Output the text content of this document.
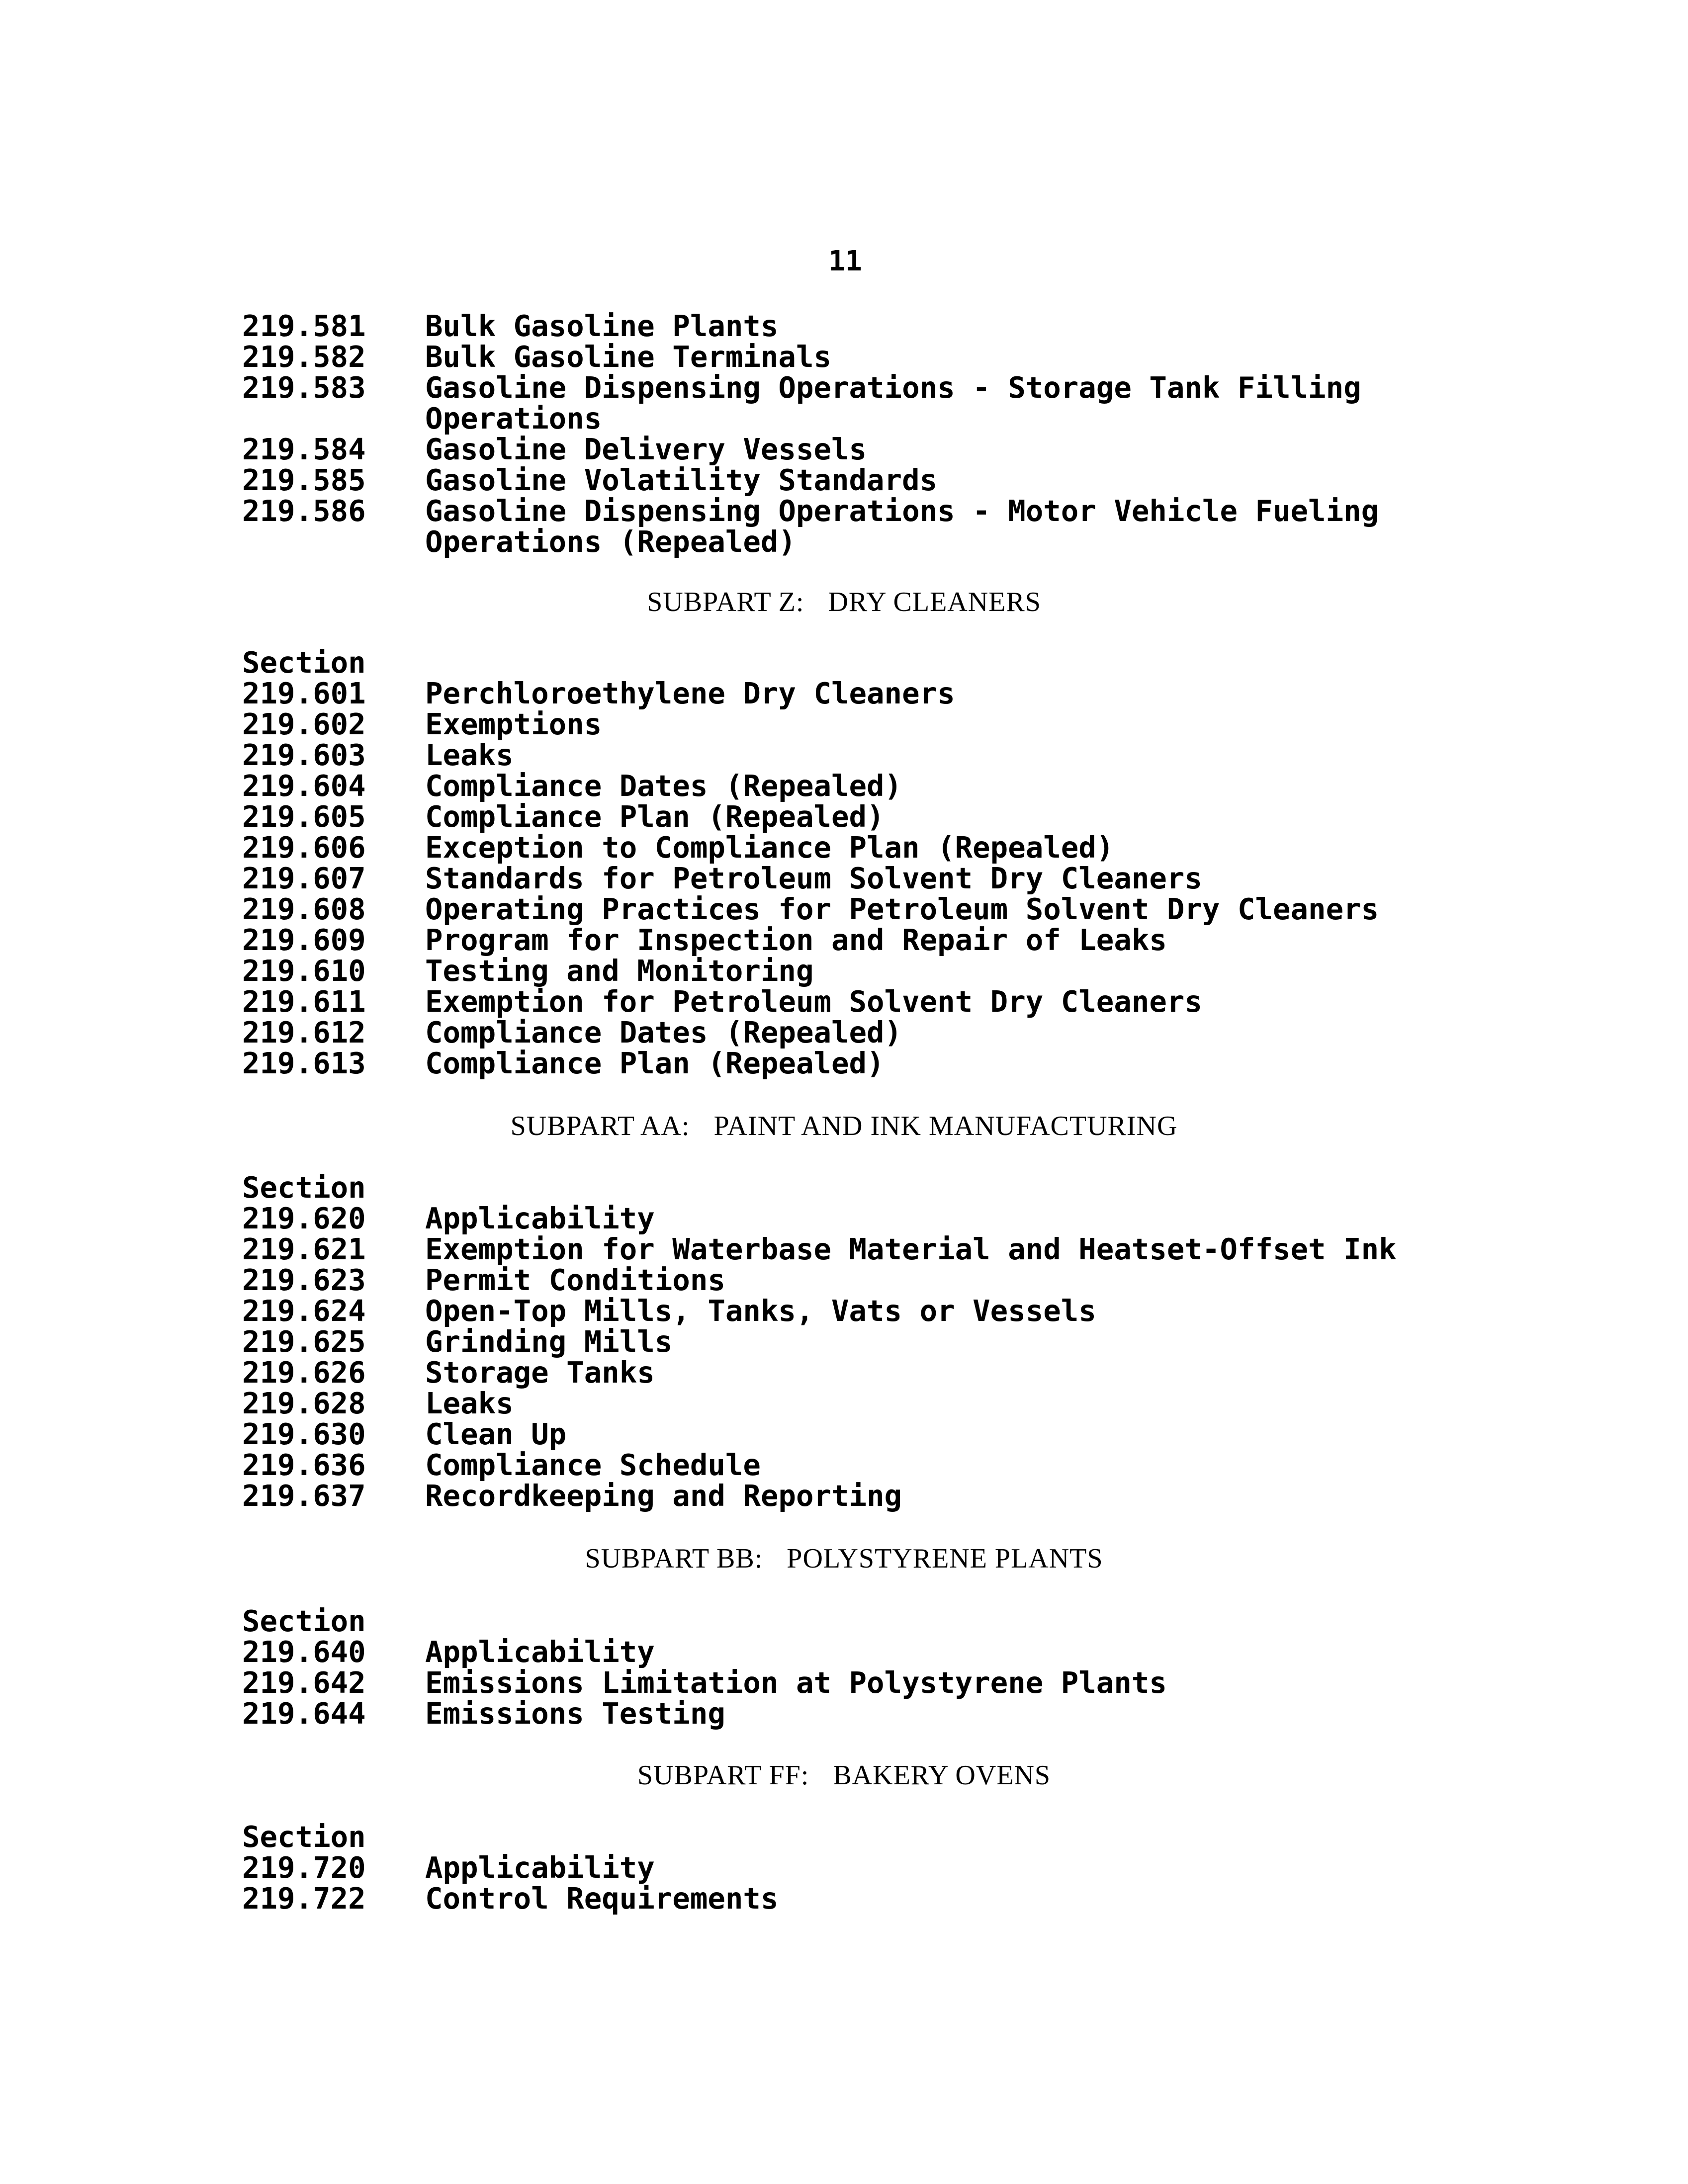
11
219.581	Bulk Gasoline Plants
219.582	Bulk Gasoline Terminals
219.583	Gasoline Dispensing Operations - Storage Tank Filling Operations
219.584	Gasoline Delivery Vessels
219.585	Gasoline Volatility Standards
219.586	Gasoline Dispensing Operations - Motor Vehicle Fueling Operations (Repealed)
SUBPART Z: DRY CLEANERS
Section
219.601	Perchloroethylene Dry Cleaners
219.602	Exemptions
219.603	Leaks
219.604	Compliance Dates (Repealed)
219.605	Compliance Plan (Repealed)
219.606	Exception to Compliance Plan (Repealed)
219.607	Standards for Petroleum Solvent Dry Cleaners
219.608	Operating Practices for Petroleum Solvent Dry Cleaners
219.609	Program for Inspection and Repair of Leaks
219.610	Testing and Monitoring
219.611	Exemption for Petroleum Solvent Dry Cleaners
219.612	Compliance Dates (Repealed)
219.613	Compliance Plan (Repealed)
SUBPART AA: PAINT AND INK MANUFACTURING
Section
219.620	Applicability
219.621	Exemption for Waterbase Material and Heatset-Offset Ink
219.623	Permit Conditions
219.624	Open-Top Mills, Tanks, Vats or Vessels
219.625	Grinding Mills
219.626	Storage Tanks
219.628	Leaks
219.630	Clean Up
219.636	Compliance Schedule
219.637	Recordkeeping and Reporting
SUBPART BB: POLYSTYRENE PLANTS
Section
219.640	Applicability
219.642	Emissions Limitation at Polystyrene Plants
219.644	Emissions Testing
SUBPART FF: BAKERY OVENS
Section
219.720	Applicability
219.722	Control Requirements
